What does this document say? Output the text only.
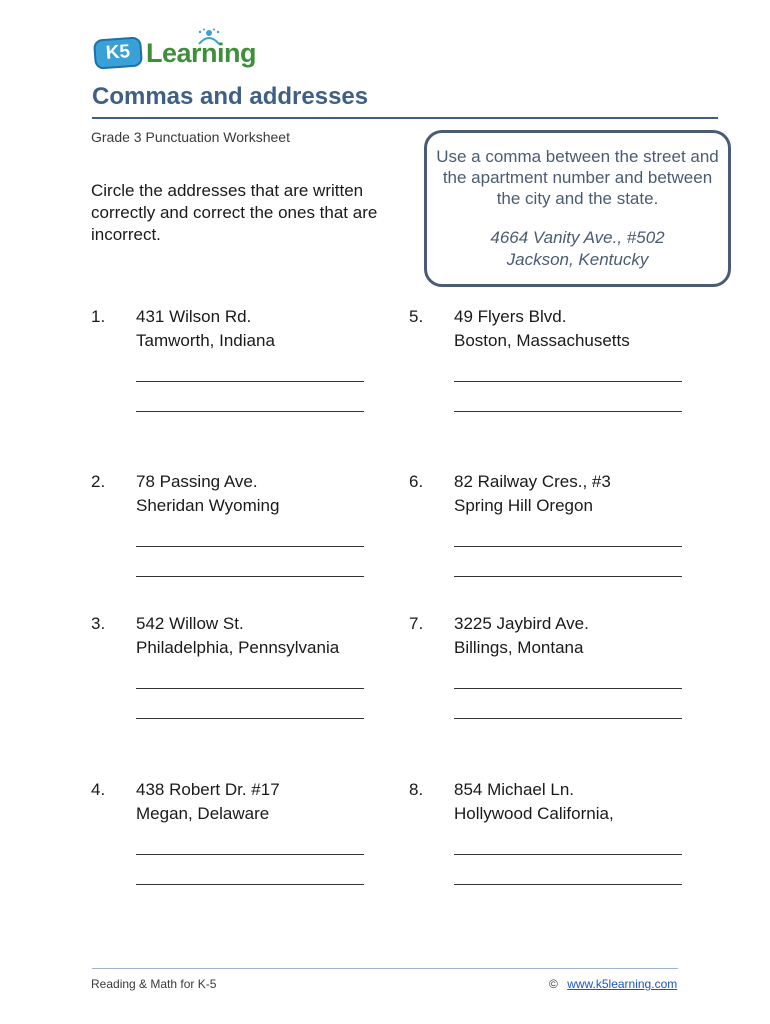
K5 Learning
Commas and addresses
Grade 3 Punctuation Worksheet
Circle the addresses that are written correctly and correct the ones that are incorrect.
Use a comma between the street and the apartment number and between the city and the state.
4664 Vanity Ave., #502
Jackson, Kentucky
1. 431 Wilson Rd.
Tamworth, Indiana
2. 78 Passing Ave.
Sheridan Wyoming
3. 542 Willow St.
Philadelphia, Pennsylvania
4. 438 Robert Dr. #17
Megan, Delaware
5. 49 Flyers Blvd.
Boston, Massachusetts
6. 82 Railway Cres., #3
Spring Hill Oregon
7. 3225 Jaybird Ave.
Billings, Montana
8. 854 Michael Ln.
Hollywood California,
Reading & Math for K-5	© www.k5learning.com
